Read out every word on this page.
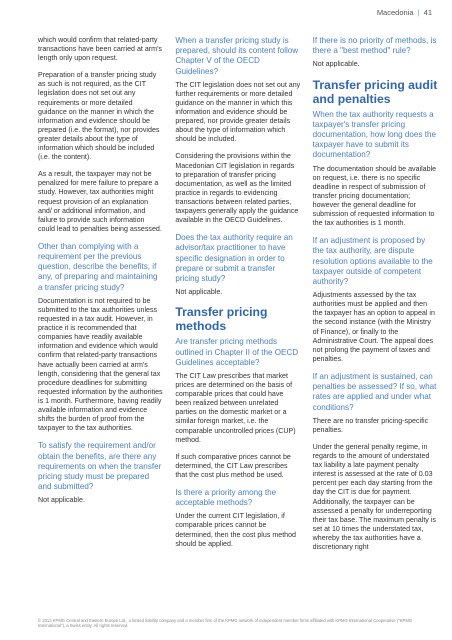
Macedonia | 41

which would confirm that related-party transactions have been carried at arm's length only upon request.

Preparation of a transfer pricing study as such is not required, as the CIT legislation does not set out any requirements or more detailed guidance on the manner in which the information and evidence should be prepared (i.e. the format), nor provides greater details about the type of information which should be included (i.e. the content).

As a result, the taxpayer may not be penalized for mere failure to prepare a study. However, tax authorities might request provision of an explanation and/ or additional information, and failure to provide such information could lead to penalties being assessed.

Other than complying with a requirement per the previous question, describe the benefits, if any, of preparing and maintaining a transfer pricing study?

Documentation is not required to be submitted to the tax authorities unless requested in a tax audit. However, in practice it is recommended that companies have readily available information and evidence which would confirm that related-party transactions have actually been carried at arm's length, considering that the general tax procedure deadlines for submitting requested information by the authorities is 1 month. Furthermore, having readily available information and evidence shifts the burden of proof from the taxpayer to the tax authorities.

To satisfy the requirement and/or obtain the benefits, are there any requirements on when the transfer pricing study must be prepared and submitted?

Not applicable.

When a transfer pricing study is prepared, should its content follow Chapter V of the OECD Guidelines?

The CIT legislation does not set out any further requirements or more detailed guidance on the manner in which this information and evidence should be prepared, nor provide greater details about the type of information which should be included.

Considering the provisions within the Macedonian CIT legislation in regards to preparation of transfer pricing documentation, as well as the limited practice in regards to evidencing transactions between related parties, taxpayers generally apply the guidance available in the OECD Guidelines.

Does the tax authority require an advisor/tax practitioner to have specific designation in order to prepare or submit a transfer pricing study?

Not applicable.

Transfer pricing methods
Are transfer pricing methods outlined in Chapter II of the OECD Guidelines acceptable?

The CIT Law prescribes that market prices are determined on the basis of comparable prices that could have been realized between unrelated parties on the domestic market or a similar foreign market, i.e. the comparable uncontrolled prices (CUP) method.

If such comparative prices cannot be determined, the CIT Law prescribes that the cost plus method be used.

Is there a priority among the acceptable methods?

Under the current CIT legislation, if comparable prices cannot be determined, then the cost plus method should be applied.

If there is no priority of methods, is there a "best method" rule?

Not applicable.

Transfer pricing audit and penalties
When the tax authority requests a taxpayer's transfer pricing documentation, how long does the taxpayer have to submit its documentation?

The documentation should be available on request, i.e. there is no specific deadline in respect of submission of transfer pricing documentation; however the general deadline for submission of requested information to the tax authorities is 1 month.

If an adjustment is proposed by the tax authority, are dispute resolution options available to the taxpayer outside of competent authority?

Adjustments assessed by the tax authorities must be applied and then the taxpayer has an option to appeal in the second instance (with the Ministry of Finance), or finally to the Administrative Court. The appeal does not prolong the payment of taxes and penalties.

If an adjustment is sustained, can penalties be assessed? If so, what rates are applied and under what conditions?

There are no transfer pricing-specific penalties.

Under the general penalty regime, in regards to the amount of understated tax liability a late payment penalty interest is assessed at the rate of 0.03 percent per each day starting from the day the CIT is due for payment. Additionally, the taxpayer can be assessed a penalty for underreporting their tax base. The maximum penalty is set at 10 times the understated tax, whereby the tax authorities have a discretionary right

© 2013 KPMG Central and Eastern Europe Ltd., a limited liability company and a member firm of the KPMG network of independent member firms affiliated with KPMG International Cooperative ("KPMG International"), a Swiss entity. All rights reserved.
